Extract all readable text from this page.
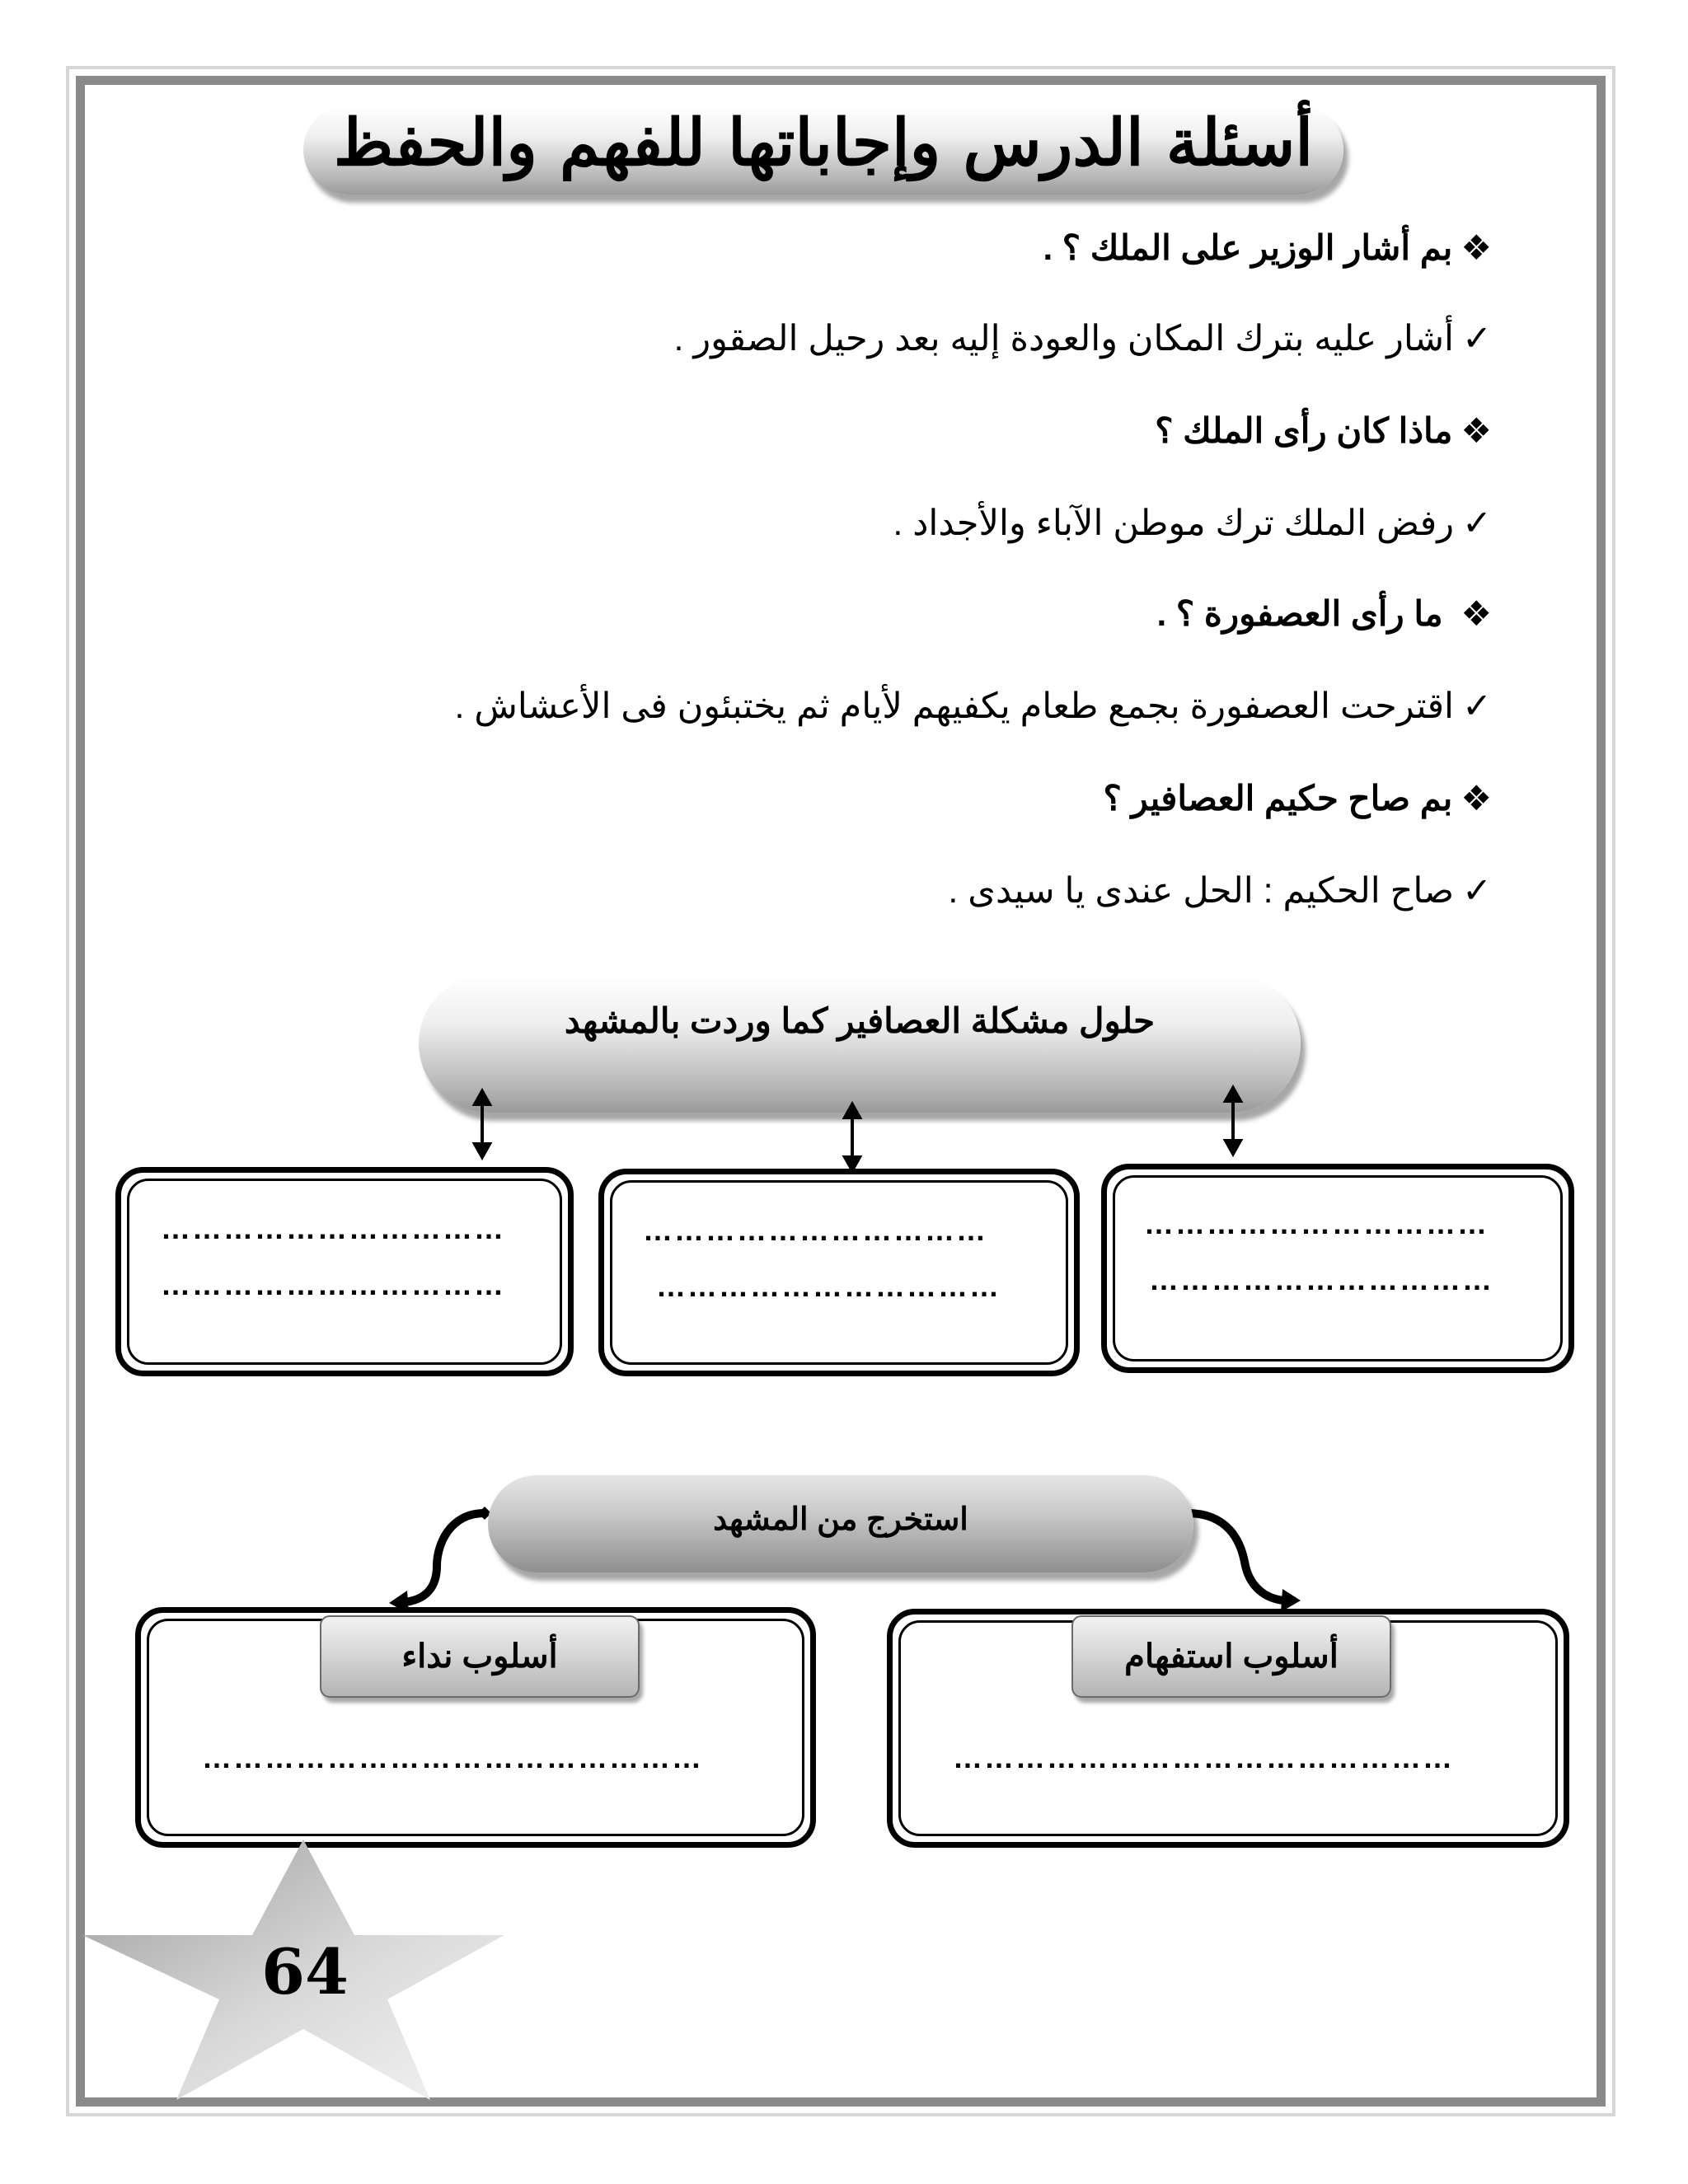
أسئلة الدرس وإجاباتها للفهم والحفظ
❖بم أشار الوزير على الملك ؟ .
✓أشار عليه بترك المكان والعودة إليه بعد رحيل الصقور .
❖ماذا كان رأى الملك ؟
✓رفض الملك ترك موطن الآباء والأجداد .
❖ ما رأى العصفورة ؟ .
✓اقترحت العصفورة بجمع طعام يكفيهم لأيام ثم يختبئون فى الأعشاش .
❖بم صاح حكيم العصافير ؟
✓صاح الحكيم : الحل عندى يا سيدى .
حلول مشكلة العصافير كما وردت بالمشهد
……………………………
……………………………
……………………………
……………………………
……………………………
……………………………
استخرج من المشهد
أسلوب نداء
…………………………………………
أسلوب استفهام
…………………………………………
64
